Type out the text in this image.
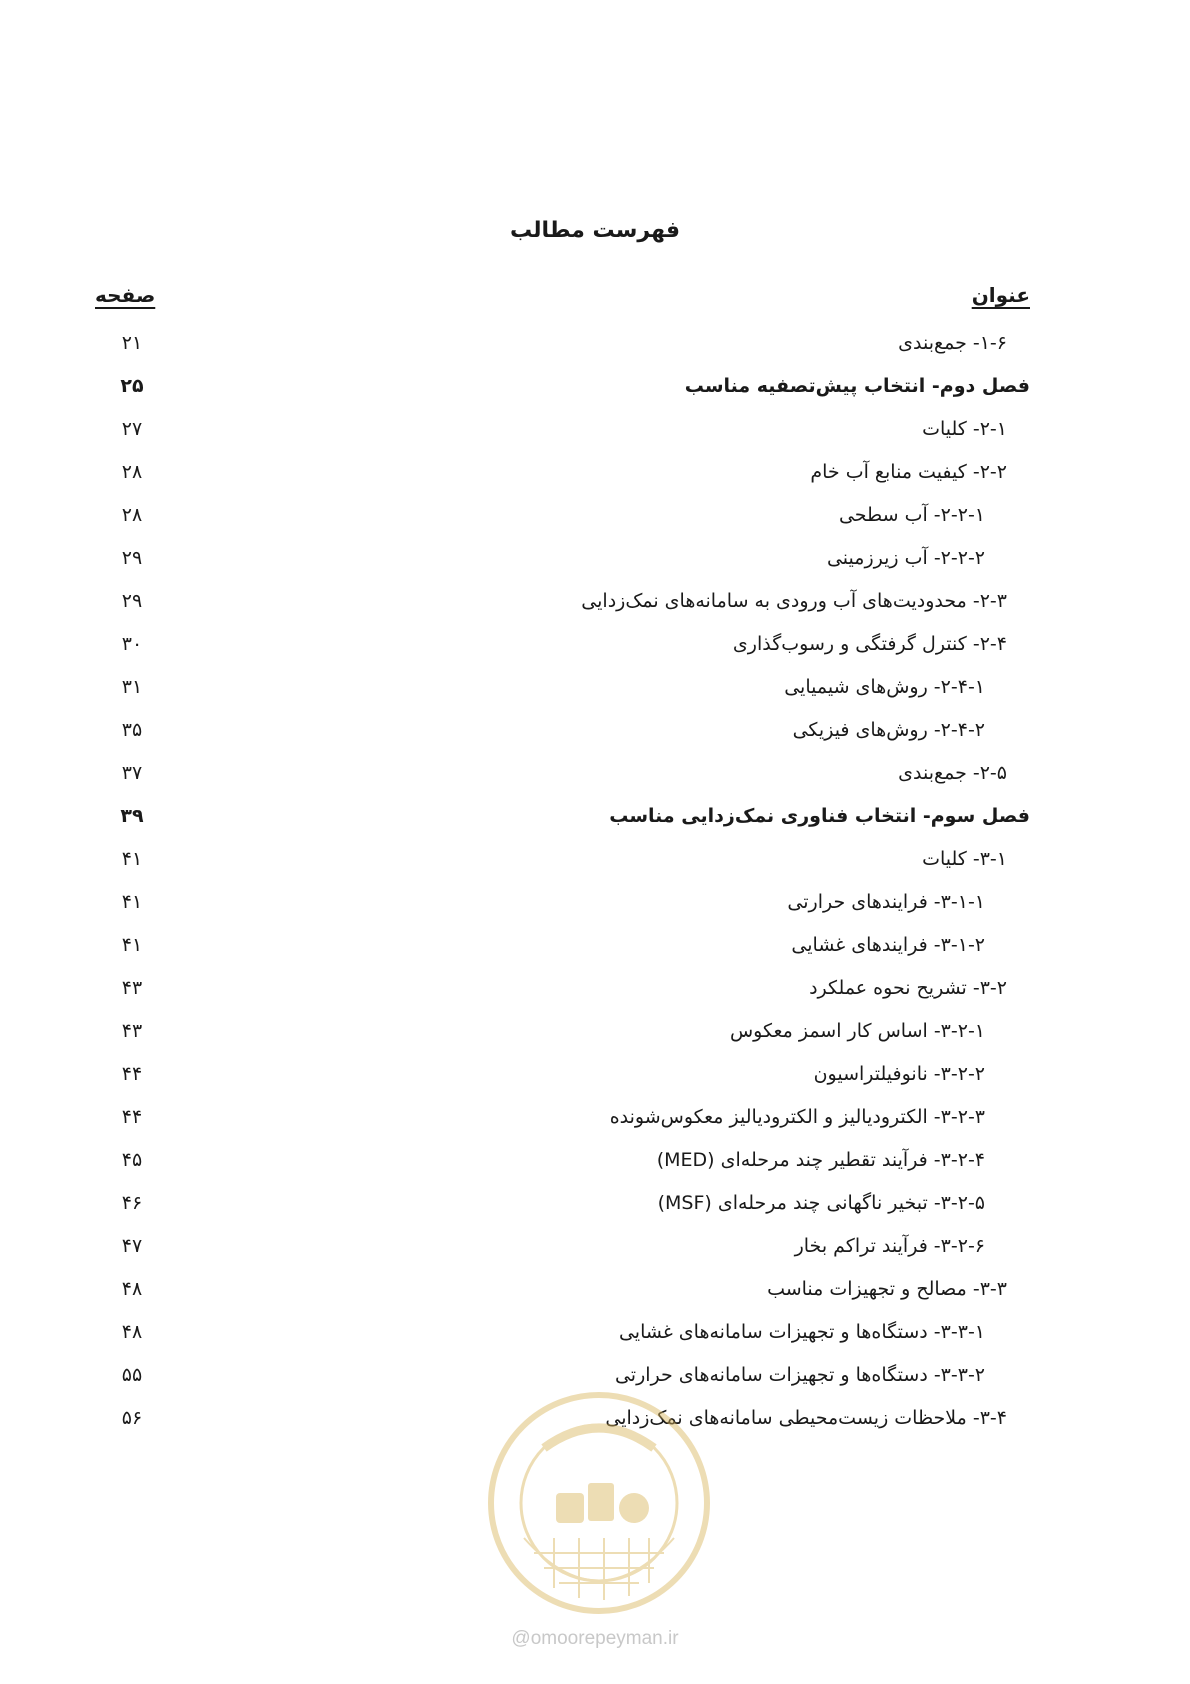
فهرست مطالب
عنوان
صفحه
۱-۶- جمع‌بندی
۲۱
فصل دوم- انتخاب پیش‌تصفیه مناسب
۲۵
۲-۱- کلیات
۲۷
۲-۲- کیفیت منابع آب خام
۲۸
۲-۲-۱- آب سطحی
۲۸
۲-۲-۲- آب زیرزمینی
۲۹
۲-۳- محدودیت‌های آب ورودی به سامانه‌های نمک‌زدایی
۲۹
۲-۴- کنترل گرفتگی و رسوب‌گذاری
۳۰
۲-۴-۱- روش‌های شیمیایی
۳۱
۲-۴-۲- روش‌های فیزیکی
۳۵
۲-۵- جمع‌بندی
۳۷
فصل سوم- انتخاب فناوری نمک‌زدایی مناسب
۳۹
۳-۱- کلیات
۴۱
۳-۱-۱- فرایندهای حرارتی
۴۱
۳-۱-۲- فرایندهای غشایی
۴۱
۳-۲- تشریح نحوه عملکرد
۴۳
۳-۲-۱- اساس کار اسمز معکوس
۴۳
۳-۲-۲- نانوفیلتراسیون
۴۴
۳-۲-۳- الکترودیالیز و الکترودیالیز معکوس‌شونده
۴۴
۳-۲-۴- فرآیند تقطیر چند مرحله‌ای (MED)
۴۵
۳-۲-۵- تبخیر ناگهانی چند مرحله‌ای (MSF)
۴۶
۳-۲-۶- فرآیند تراکم بخار
۴۷
۳-۳- مصالح و تجهیزات مناسب
۴۸
۳-۳-۱- دستگاه‌ها و تجهیزات سامانه‌های غشایی
۴۸
۳-۳-۲- دستگاه‌ها و تجهیزات سامانه‌های حرارتی
۵۵
۳-۴- ملاحظات زیست‌محیطی سامانه‌های نمک‌زدایی
۵۶
@omoorepeyman.ir
